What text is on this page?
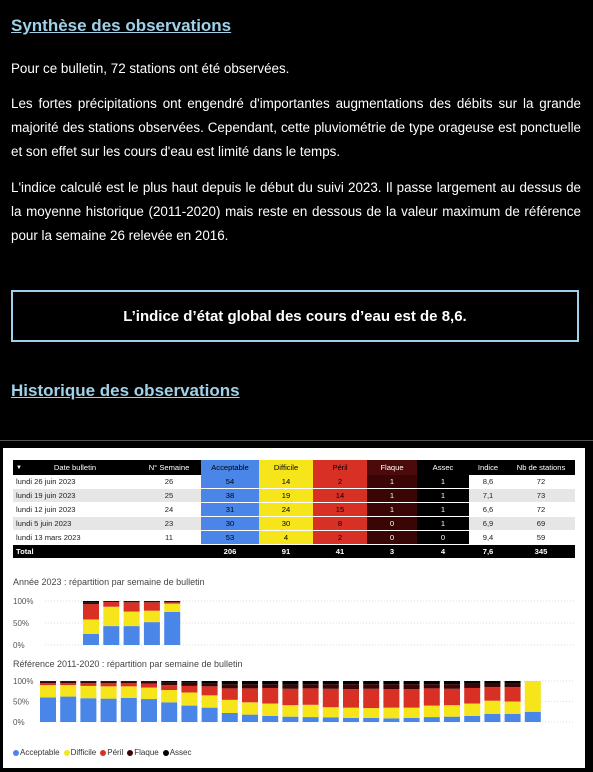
Synthèse des observations

Pour ce bulletin, 72 stations ont été observées.

Les fortes précipitations ont engendré d'importantes augmentations des débits sur la grande majorité des stations observées. Cependant, cette pluviométrie de type orageuse est ponctuelle et son effet sur les cours d'eau est limité dans le temps.

L'indice calculé est le plus haut depuis le début du suivi 2023. Il passe largement au dessus de la moyenne historique (2011-2020) mais reste en dessous de la valeur maximum de référence pour la semaine 26 relevée en 2016.

L’indice d’état global des cours d’eau est de 8,6.
Historique des observations
▼ Date bulletin	N° Semaine	Acceptable	Difficile	Péril	Flaque	Assec	Indice	Nb de stations
lundi 26 juin 2023	26	54	14	2	1	1	8,6	72
lundi 19 juin 2023	25	38	19	14	1	1	7,1	73
lundi 12 juin 2023	24	31	24	15	1	1	6,6	72
lundi 5 juin 2023	23	30	30	8	0	1	6,9	69
lundi 13 mars 2023	11	53	4	2	0	0	9,4	59
Total		206	91	41	3	4	7,6	345
Année 2023 : répartition par semaine de bulletin
0%
50%
100%
Référence 2011-2020 : répartition par semaine de bulletin
0%
50%
100%
Acceptable	Difficile	Péril	Flaque	Assec
